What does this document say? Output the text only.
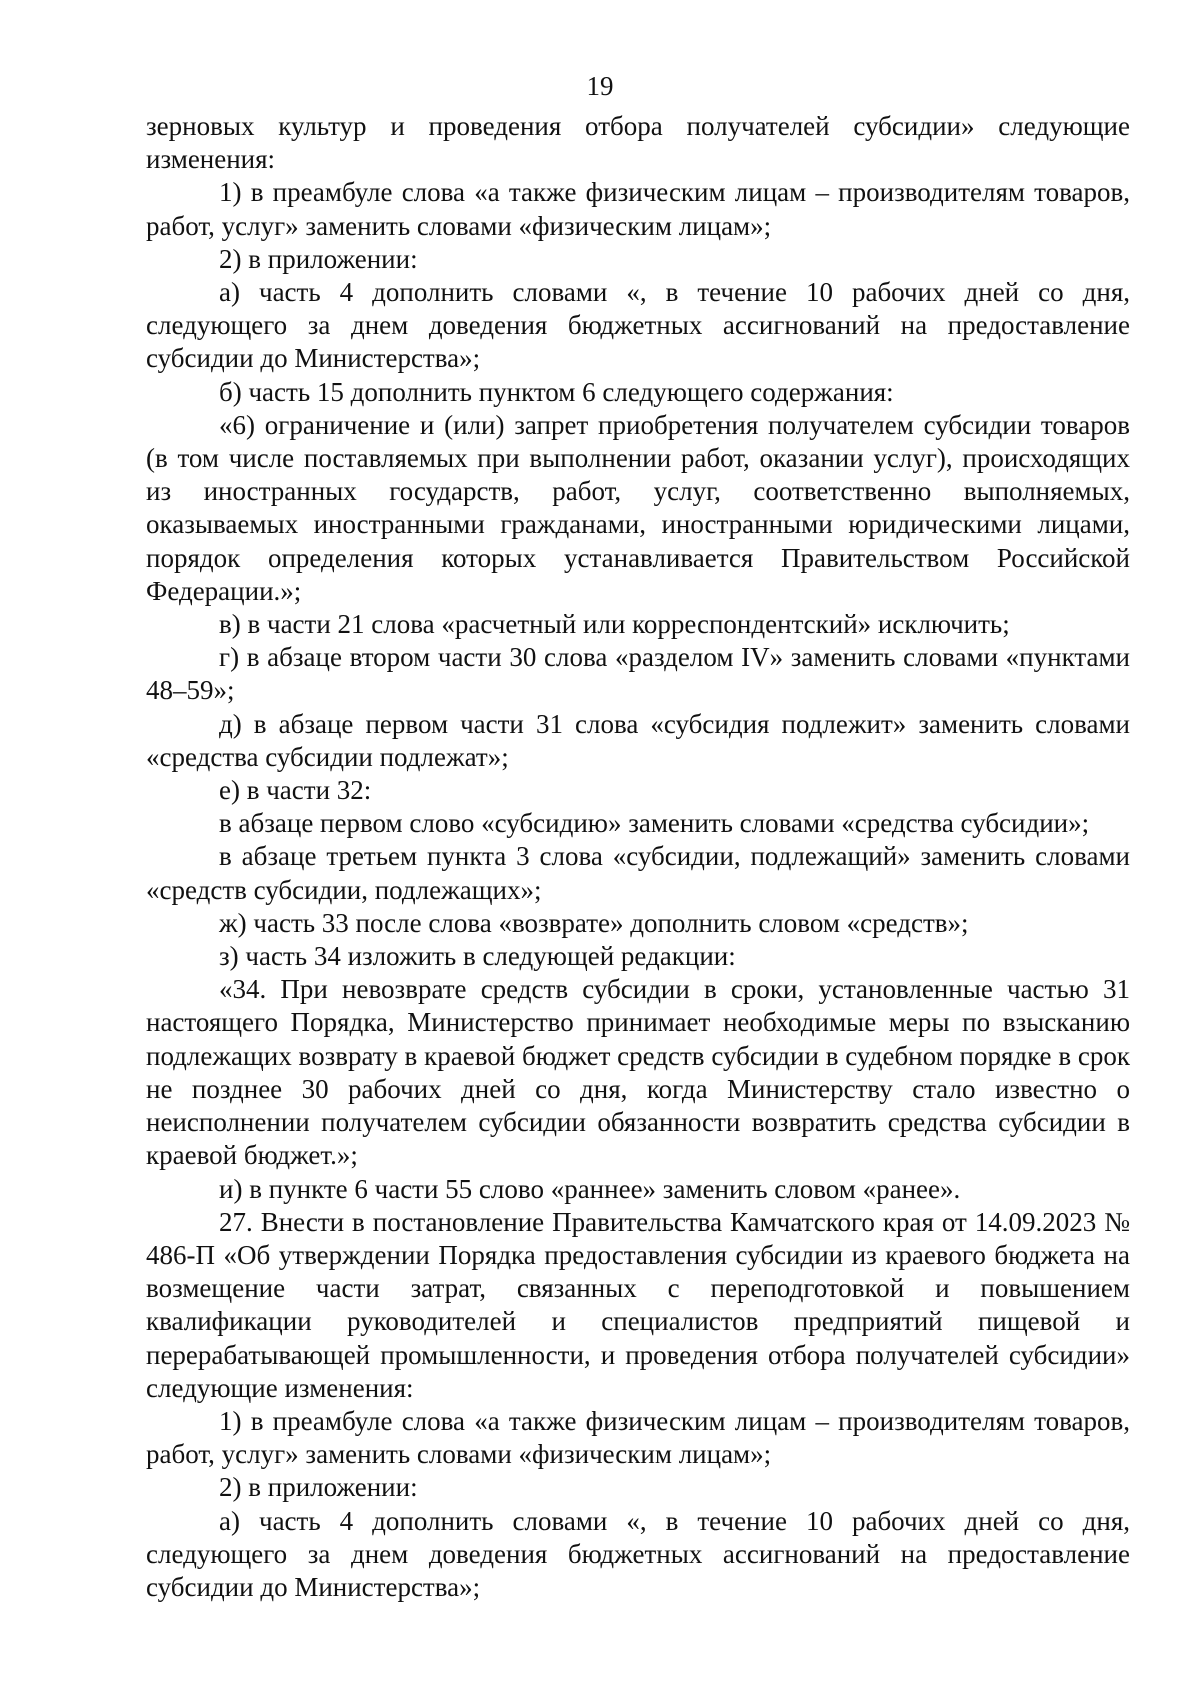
19

зерновых культур и проведения отбора получателей субсидии» следующие изменения:

1) в преамбуле слова «а также физическим лицам – производителям товаров, работ, услуг» заменить словами «физическим лицам»;

2) в приложении:

а) часть 4 дополнить словами «, в течение 10 рабочих дней со дня, следующего за днем доведения бюджетных ассигнований на предоставление субсидии до Министерства»;

б) часть 15 дополнить пунктом 6 следующего содержания:

«6) ограничение и (или) запрет приобретения получателем субсидии товаров (в том числе поставляемых при выполнении работ, оказании услуг), происходящих из иностранных государств, работ, услуг, соответственно выполняемых, оказываемых иностранными гражданами, иностранными юридическими лицами, порядок определения которых устанавливается Правительством Российской Федерации.»;

в) в части 21 слова «расчетный или корреспондентский» исключить;

г) в абзаце втором части 30 слова «разделом IV» заменить словами «пунктами 48–59»;

д) в абзаце первом части 31 слова «субсидия подлежит» заменить словами «средства субсидии подлежат»;

е) в части 32:

в абзаце первом слово «субсидию» заменить словами «средства субсидии»;

в абзаце третьем пункта 3 слова «субсидии, подлежащий» заменить словами «средств субсидии, подлежащих»;

ж) часть 33 после слова «возврате» дополнить словом «средств»;

з) часть 34 изложить в следующей редакции:

«34. При невозврате средств субсидии в сроки, установленные частью 31 настоящего Порядка, Министерство принимает необходимые меры по взысканию подлежащих возврату в краевой бюджет средств субсидии в судебном порядке в срок не позднее 30 рабочих дней со дня, когда Министерству стало известно о неисполнении получателем субсидии обязанности возвратить средства субсидии в краевой бюджет.»;

и) в пункте 6 части 55 слово «раннее» заменить словом «ранее».

27. Внести в постановление Правительства Камчатского края от 14.09.2023 № 486-П «Об утверждении Порядка предоставления субсидии из краевого бюджета на возмещение части затрат, связанных с переподготовкой и повышением квалификации руководителей и специалистов предприятий пищевой и перерабатывающей промышленности, и проведения отбора получателей субсидии» следующие изменения:

1) в преамбуле слова «а также физическим лицам – производителям товаров, работ, услуг» заменить словами «физическим лицам»;

2) в приложении:

а) часть 4 дополнить словами «, в течение 10 рабочих дней со дня, следующего за днем доведения бюджетных ассигнований на предоставление субсидии до Министерства»;
